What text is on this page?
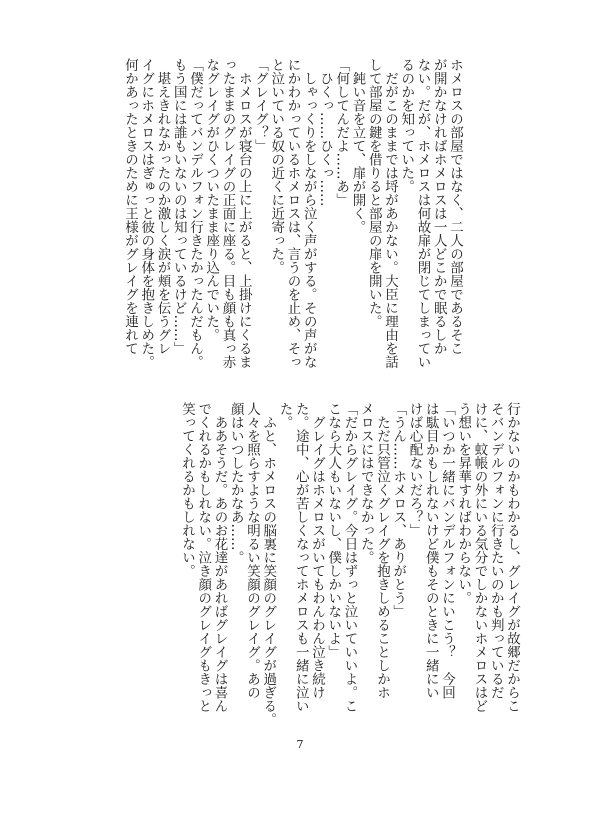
ホメロスの部屋ではなく、二人の部屋であるそこ
が開かなければホメロスは一人どこかで眠るしか
ない。だが、ホメロスは何故扉が閉じてしまってい
るのかを知っていた。
　だがこのままでは埒があかない。大臣に理由を話
して部屋の鍵を借りると部屋の扉を開いた。
　鈍い音を立て、扉が開く。
「何してんだよ……あ」
　ひくっ……ひくっ……
　しゃっくりをしながら泣く声がする。その声がな
にかわかっているホメロスは、言うのを止め、そっ
と泣いている奴の近くに近寄った。
「グレイグ？」
　ホメロスが寝台の上に上がると、上掛けにくるま
ったままのグレイグの正面に座る。目も顔も真っ赤
なグレイグがひくついたまま座り込んでいた。
「僕だってバンデルフォン行きたかったんだもん。
もう国には誰もいないのは知っているけど……」
　堪えきれなかったのか激しく涙が頬を伝うグレ
イグにホメロスはぎゅっと彼の身体を抱きしめた。
何かあったときのために王様がグレイグを連れて
行かないのかもわかるし、グレイグが故郷だからこ
そバンデルフォンに行きたいのかも判っているだ
けに、蚊帳の外にいる気分でしかないホメロスはど
う想いを昇華すればわからない。
「いつか一緒にバンデルフォンにいこう？　今回
は駄目かもしれないけど僕もそのときに一緒にい
けば心配ないだろ？」
「うん……ホメロス、ありがとう」
　ただ只管泣くグレイグを抱きしめることしかホ
メロスにはできなかった。
「だからグレイグ。今日はずっと泣いていいよ。こ
こなら大人もいないし、僕しかいないよ」
　グレイグはホメロスがいてもわんわん泣き続け
た。途中、心が苦しくなってホメロスも一緒に泣い
た。
　ふと、ホメロスの脳裏に笑顔のグレイグが過ぎる。
人々を照らすような明るい笑顔のグレイグ。あの
顔はいつしたかなあ……。
　ああそうだ。あのお花達があればグレイグは喜ん
でくれるかもしれない。泣き顔のグレイグもきっと
笑ってくれるかもしれない。
7
